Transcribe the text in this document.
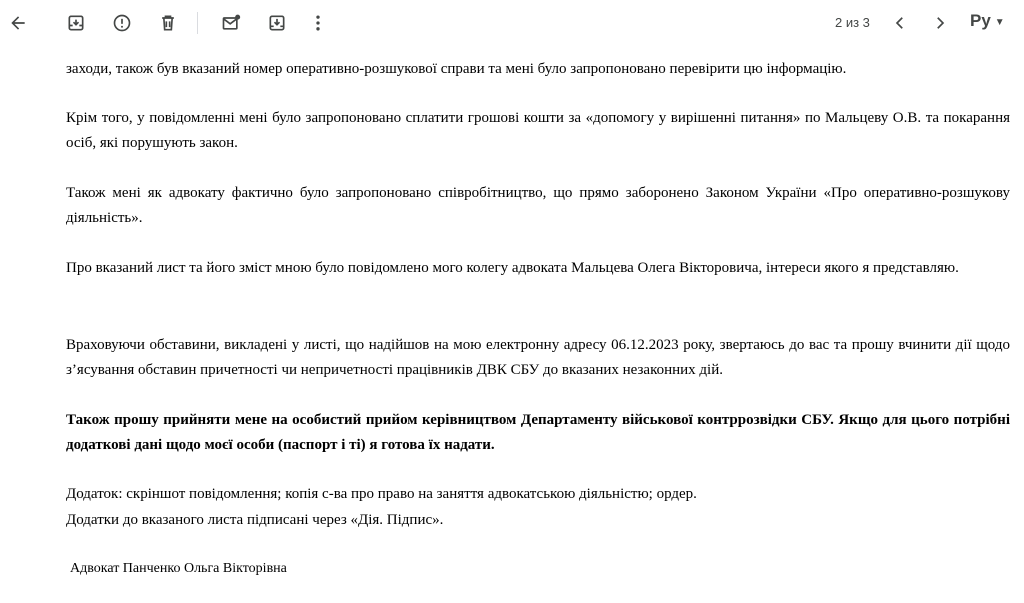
2 из 3	Ру ▼

заходи, також був вказаний номер оперативно-розшукової справи та мені було запропоновано перевірити цю інформацію.

Крім того, у повідомленні мені було запропоновано сплатити грошові кошти за «допомогу у вирішенні питання» по Мальцеву О.В. та покарання осіб, які порушують закон.

Також мені як адвокату фактично було запропоновано співробітництво, що прямо заборонено Законом України «Про оперативно-розшукову діяльність».

Про вказаний лист та його зміст мною було повідомлено мого колегу адвоката Мальцева Олега Вікторовича, інтереси якого я представляю.

Враховуючи обставини, викладені у листі, що надійшов на мою електронну адресу 06.12.2023 року, звертаюсь до вас та прошу вчинити дії щодо з’ясування обставин причетності чи непричетності працівників ДВК СБУ до вказаних незаконних дій.

Також прошу прийняти мене на особистий прийом керівництвом Департаменту військової контррозвідки СБУ. Якщо для цього потрібні додаткові дані щодо моєї особи (паспорт і ті) я готова їх надати.

Додаток: скріншот повідомлення; копія с-ва про право на заняття адвокатською діяльністю; ордер.

Додатки до вказаного листа підписані через «Дія. Підпис».

Адвокат Панченко Ольга Вікторівна
